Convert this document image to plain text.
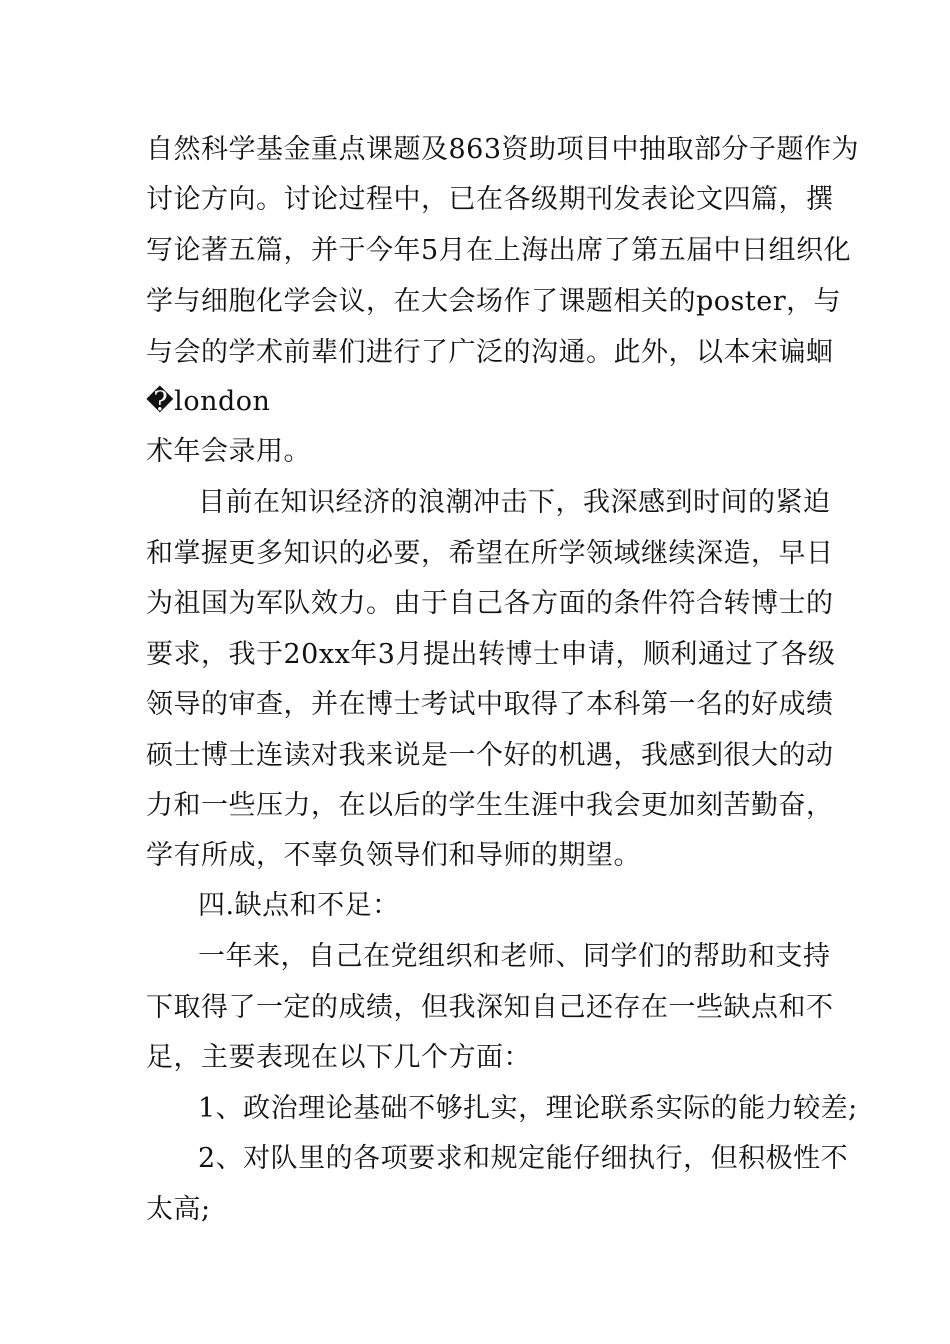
自然科学基金重点课题及863资助项目中抽取部分子题作为
讨论方向。讨论过程中，已在各级期刊发表论文四篇，撰
写论著五篇，并于今年5月在上海出席了第五届中日组织化
学与细胞化学会议，在大会场作了课题相关的poster，与
与会的学术前辈们进行了广泛的沟通。此外，以本宋谝蛔
�london
术年会录用。
目前在知识经济的浪潮冲击下，我深感到时间的紧迫
和掌握更多知识的必要，希望在所学领域继续深造，早日
为祖国为军队效力。由于自己各方面的条件符合转博士的
要求，我于20xx年3月提出转博士申请，顺利通过了各级
领导的审查，并在博士考试中取得了本科第一名的好成绩
硕士博士连读对我来说是一个好的机遇，我感到很大的动
力和一些压力，在以后的学生生涯中我会更加刻苦勤奋，
学有所成，不辜负领导们和导师的期望。
四.缺点和不足：
一年来，自己在党组织和老师、同学们的帮助和支持
下取得了一定的成绩，但我深知自己还存在一些缺点和不
足，主要表现在以下几个方面：
1、政治理论基础不够扎实，理论联系实际的能力较差;
2、对队里的各项要求和规定能仔细执行，但积极性不
太高;
